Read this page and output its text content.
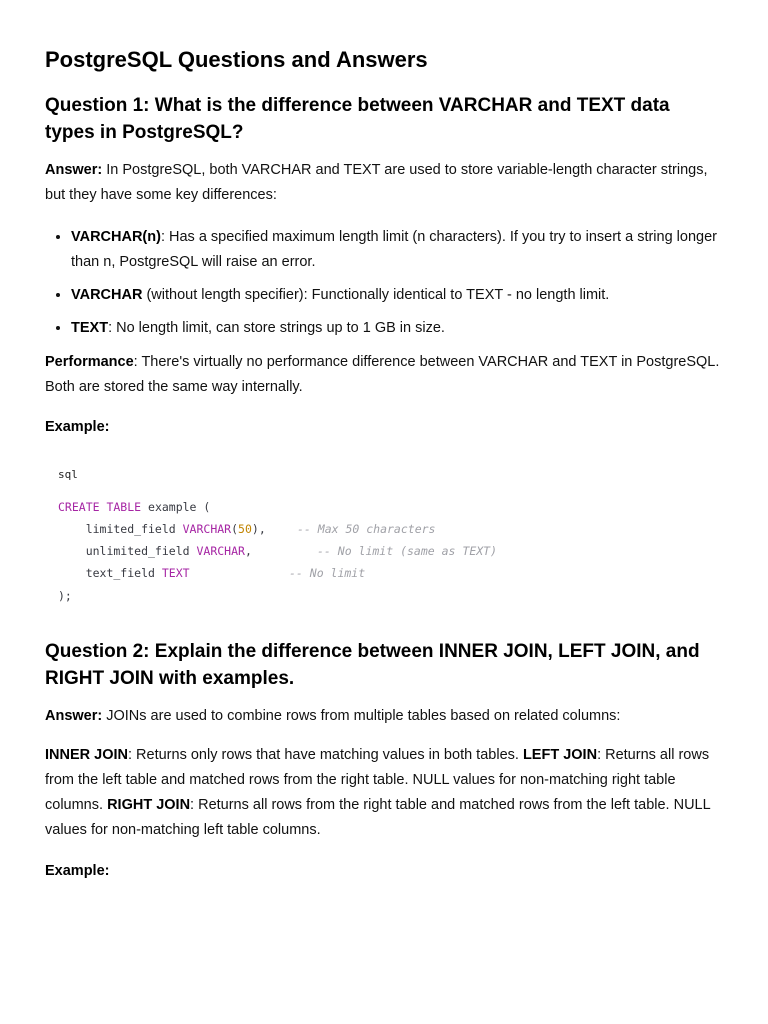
PostgreSQL Questions and Answers
Question 1: What is the difference between VARCHAR and TEXT data types in PostgreSQL?

Answer: In PostgreSQL, both VARCHAR and TEXT are used to store variable-length character strings, but they have some key differences:

• VARCHAR(n): Has a specified maximum length limit (n characters). If you try to insert a string longer than n, PostgreSQL will raise an error.
• VARCHAR (without length specifier): Functionally identical to TEXT - no length limit.
• TEXT: No length limit, can store strings up to 1 GB in size.

Performance: There's virtually no performance difference between VARCHAR and TEXT in PostgreSQL. Both are stored the same way internally.

Example:

sql
CREATE TABLE example (
limited_field VARCHAR(50),	-- Max 50 characters
unlimited_field VARCHAR,	-- No limit (same as TEXT)
text_field TEXT	-- No limit
);
Question 2: Explain the difference between INNER JOIN, LEFT JOIN, and RIGHT JOIN with examples.

Answer: JOINs are used to combine rows from multiple tables based on related columns:

INNER JOIN: Returns only rows that have matching values in both tables. LEFT JOIN: Returns all rows from the left table and matched rows from the right table. NULL values for non-matching right table columns. RIGHT JOIN: Returns all rows from the right table and matched rows from the left table. NULL values for non-matching left table columns.

Example:
